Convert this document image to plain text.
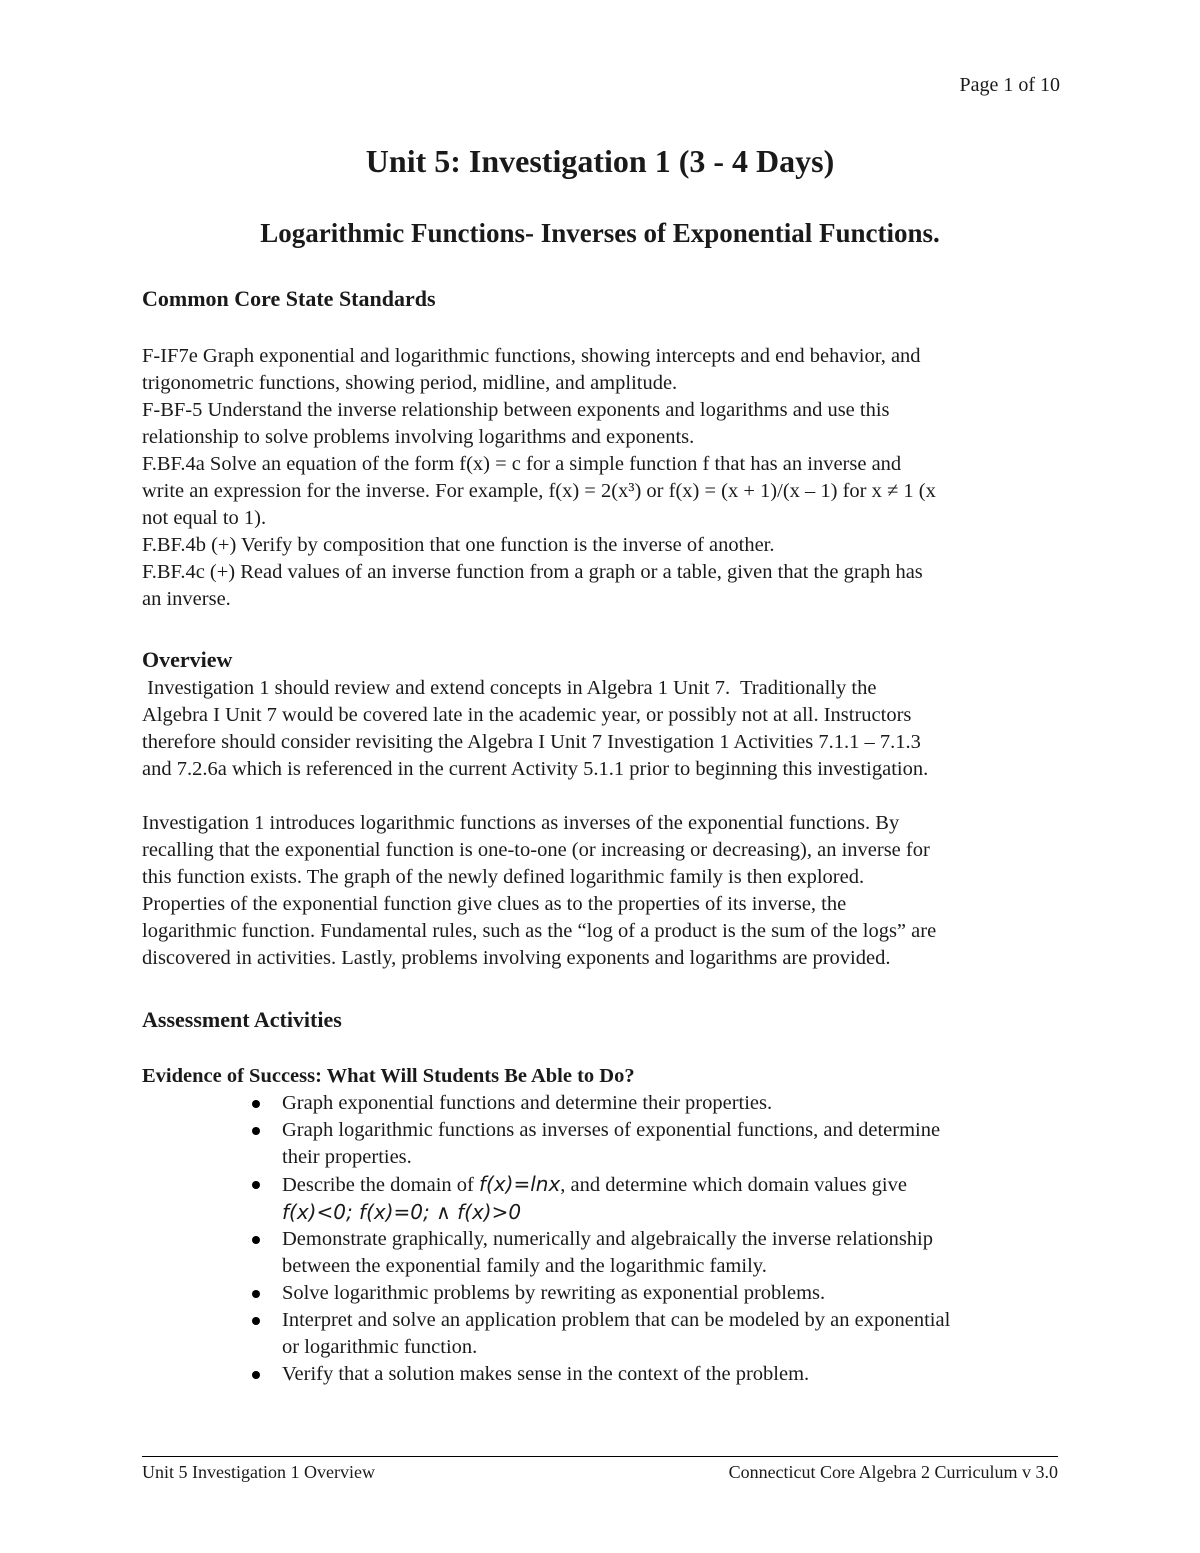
Page 1 of 10
Unit 5: Investigation 1 (3 - 4 Days)
Logarithmic Functions- Inverses of Exponential Functions.
Common Core State Standards

F-IF7e Graph exponential and logarithmic functions, showing intercepts and end behavior, and

trigonometric functions, showing period, midline, and amplitude.

F-BF-5 Understand the inverse relationship between exponents and logarithms and use this

relationship to solve problems involving logarithms and exponents.

F.BF.4a Solve an equation of the form f(x) = c for a simple function f that has an inverse and

write an expression for the inverse. For example, f(x) = 2(x³) or f(x) = (x + 1)/(x – 1) for x ≠ 1 (x

not equal to 1).

F.BF.4b (+) Verify by composition that one function is the inverse of another.

F.BF.4c (+) Read values of an inverse function from a graph or a table, given that the graph has

an inverse.

Overview

Investigation 1 should review and extend concepts in Algebra 1 Unit 7.  Traditionally the

Algebra I Unit 7 would be covered late in the academic year, or possibly not at all. Instructors

therefore should consider revisiting the Algebra I Unit 7 Investigation 1 Activities 7.1.1 – 7.1.3

and 7.2.6a which is referenced in the current Activity 5.1.1 prior to beginning this investigation.

Investigation 1 introduces logarithmic functions as inverses of the exponential functions. By

recalling that the exponential function is one-to-one (or increasing or decreasing), an inverse for

this function exists. The graph of the newly defined logarithmic family is then explored.

Properties of the exponential function give clues as to the properties of its inverse, the

logarithmic function. Fundamental rules, such as the “log of a product is the sum of the logs” are

discovered in activities. Lastly, problems involving exponents and logarithms are provided.

Assessment Activities

Evidence of Success: What Will Students Be Able to Do?

Graph exponential functions and determine their properties.
Graph logarithmic functions as inverses of exponential functions, and determine
their properties.
Describe the domain of f(x)=lnx, and determine which domain values give
f(x)<0; f(x)=0; ∧ f(x)>0
Demonstrate graphically, numerically and algebraically the inverse relationship
between the exponential family and the logarithmic family.
Solve logarithmic problems by rewriting as exponential problems.
Interpret and solve an application problem that can be modeled by an exponential
or logarithmic function.
Verify that a solution makes sense in the context of the problem.
Unit 5 Investigation 1 Overview	Connecticut Core Algebra 2 Curriculum v 3.0
